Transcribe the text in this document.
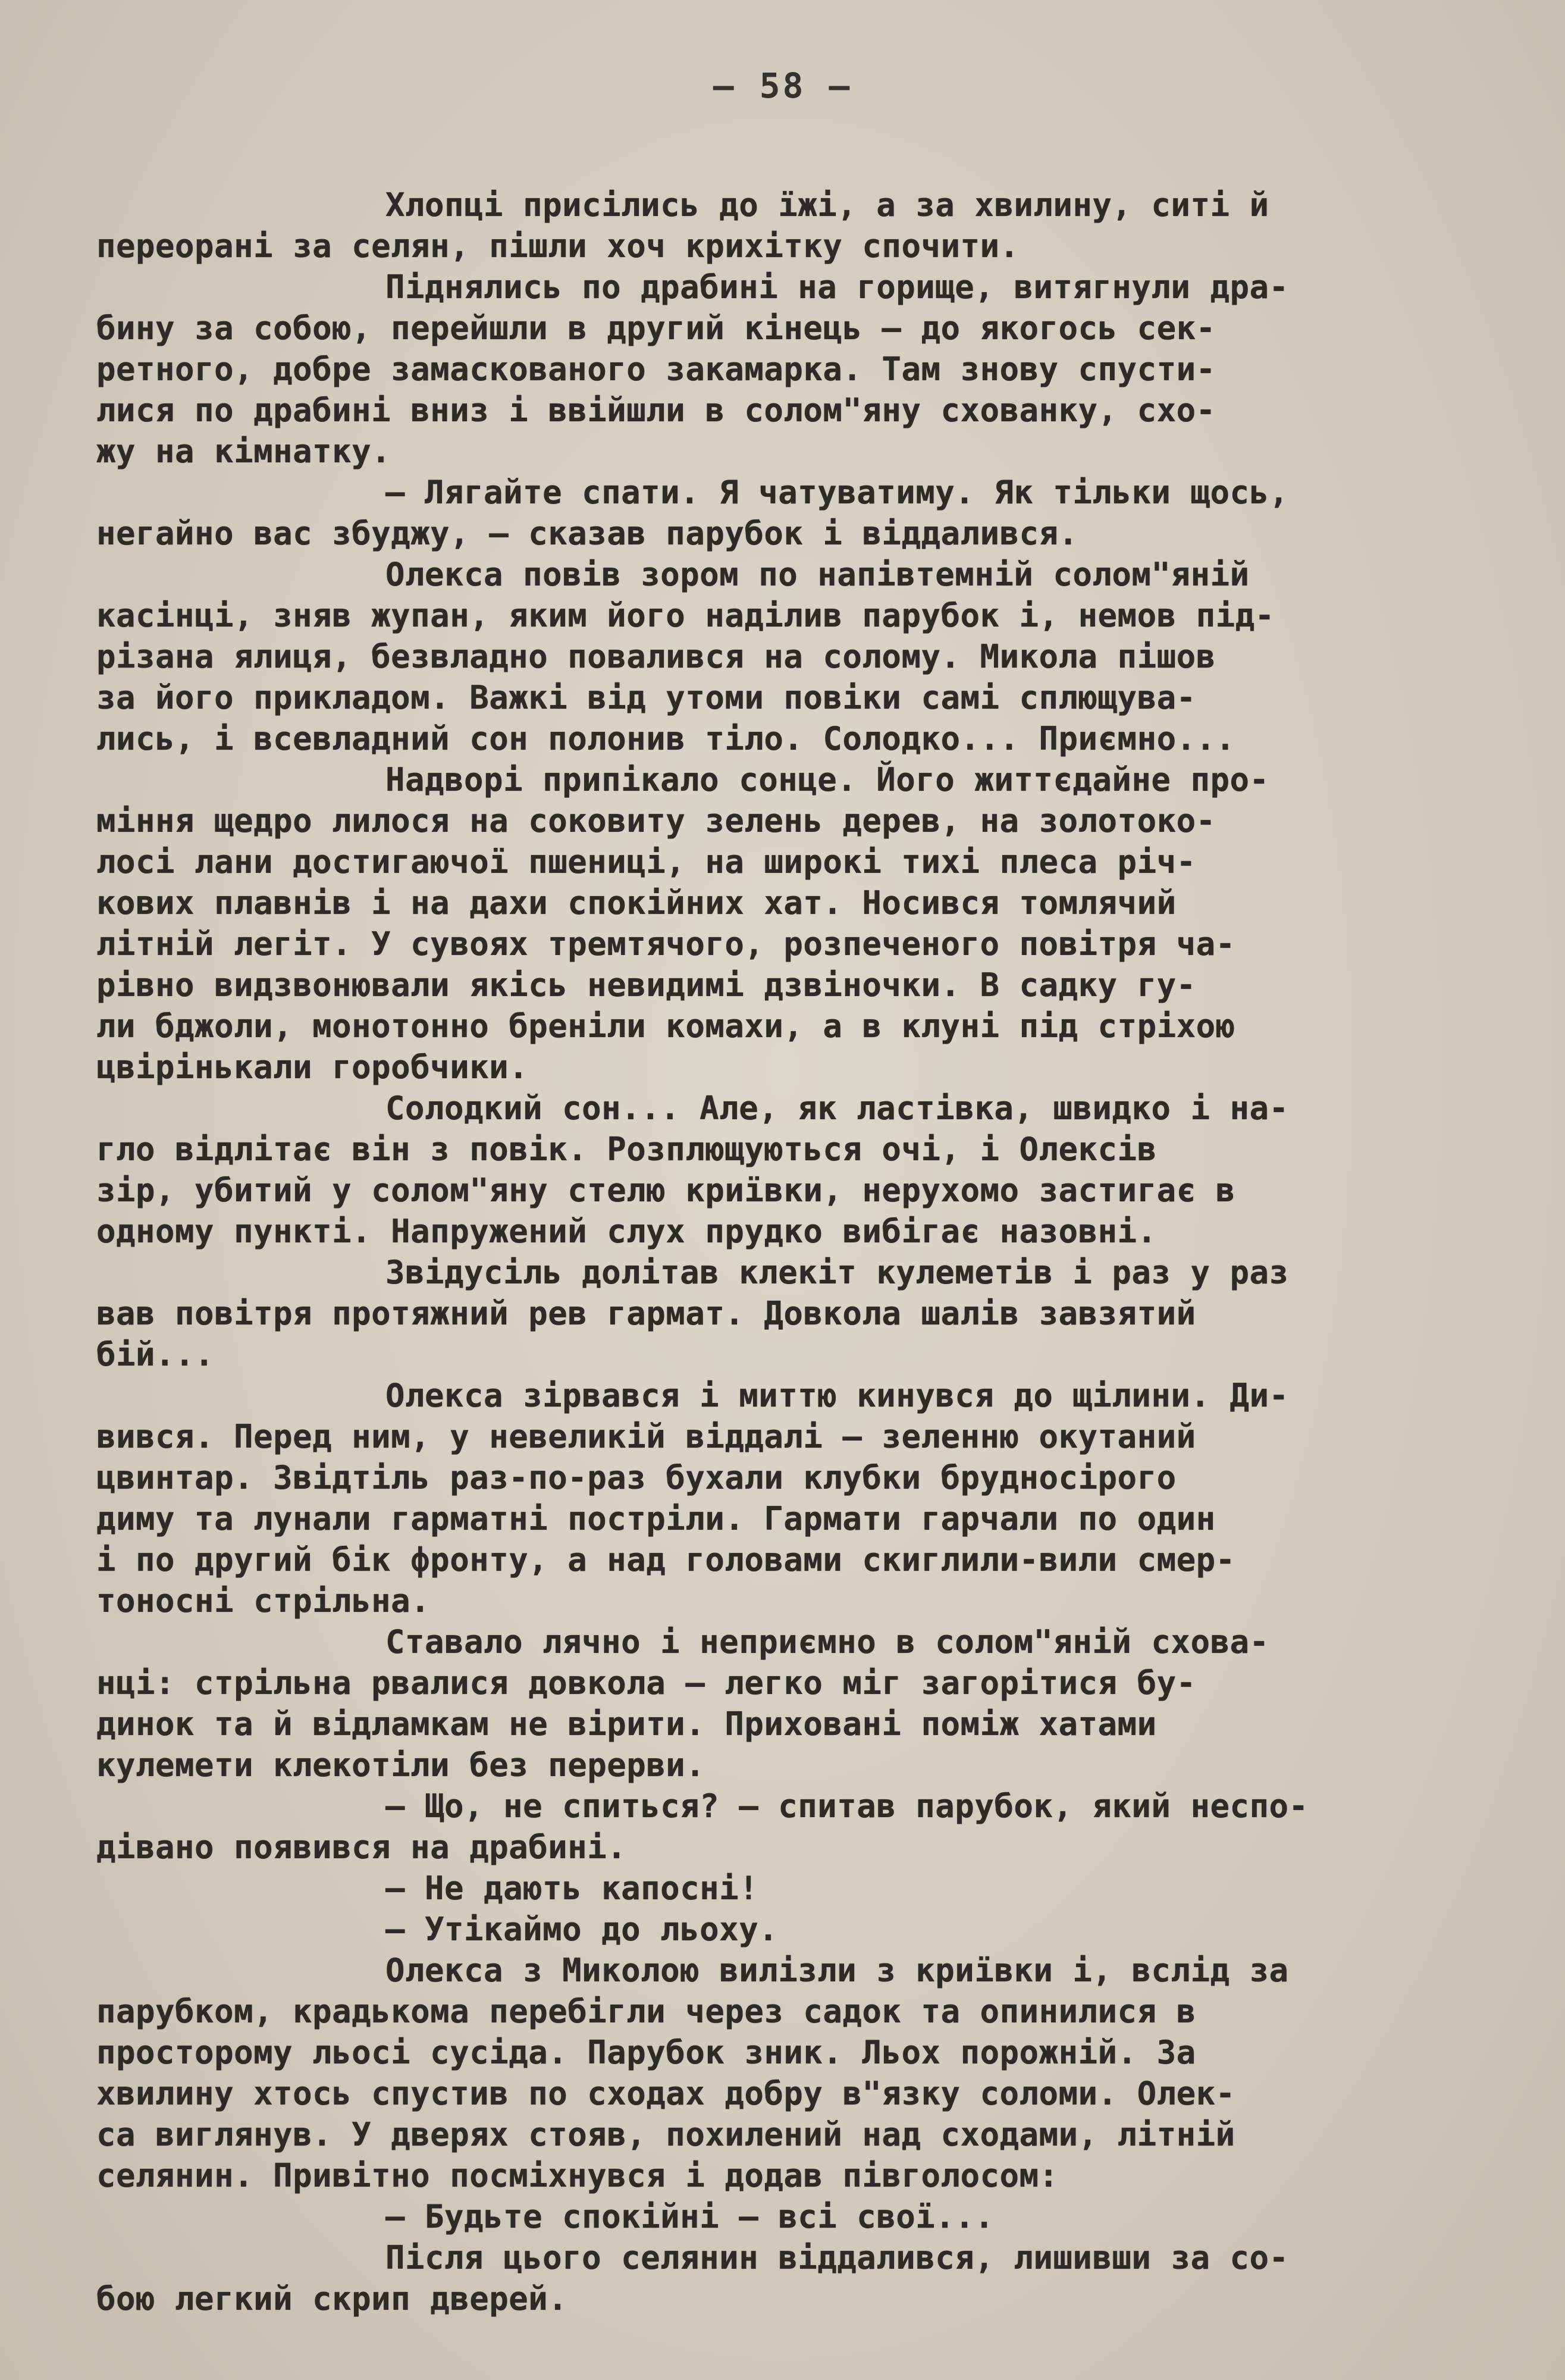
– 58 –
Хлопці присілись до їжі, а за хвилину, ситі й
переорані за селян, пішли хоч крихітку спочити.
Піднялись по драбині на горище, витягнули дра-
бину за собою, перейшли в другий кінець – до якогось сек-
ретного, добре замаскованого закамарка. Там знову спусти-
лися по драбині вниз і ввійшли в солом"яну схованку, схо-
жу на кімнатку.
– Лягайте спати. Я чатуватиму. Як тільки щось,
негайно вас збуджу, – сказав парубок і віддалився.
Олекса повів зором по напівтемній солом"яній
касінці, зняв жупан, яким його наділив парубок і, немов під-
різана ялиця, безвладно повалився на солому. Микола пішов
за його прикладом. Важкі від утоми повіки самі сплющува-
лись, і всевладний сон полонив тіло. Солодко... Приємно...
Надворі припікало сонце. Його життєдайне про-
міння щедро лилося на соковиту зелень дерев, на золотоко-
лосі лани достигаючої пшениці, на широкі тихі плеса річ-
кових плавнів і на дахи спокійних хат. Носився томлячий
літній легіт. У сувоях тремтячого, розпеченого повітря ча-
рівно видзвонювали якісь невидимі дзвіночки. В садку гу-
ли бджоли, монотонно бреніли комахи, а в клуні під стріхою
цвірінькали горобчики.
Солодкий сон... Але, як ластівка, швидко і на-
гло відлітає він з повік. Розплющуються очі, і Олексів
зір, убитий у солом"яну стелю криївки, нерухомо застигає в
одному пункті. Напружений слух прудко вибігає назовні.
Звідусіль долітав клекіт кулеметів і раз у раз
вав повітря протяжний рев гармат. Довкола шалів завзятий
бій...
Олекса зірвався і миттю кинувся до щілини. Ди-
вився. Перед ним, у невеликій віддалі – зеленню окутаний
цвинтар. Звідтіль раз-по-раз бухали клубки брудносірого
диму та лунали гарматні постріли. Гармати гарчали по один
і по другий бік фронту, а над головами скиглили-вили смер-
тоносні стрільна.
Ставало лячно і неприємно в солом"яній схова-
нці: стрільна рвалися довкола – легко міг загорітися бу-
динок та й відламкам не вірити. Приховані поміж хатами
кулемети клекотіли без перерви.
– Що, не спиться? – спитав парубок, який неспо-
дівано появився на драбині.
– Не дають капосні!
– Утікаймо до льоху.
Олекса з Миколою вилізли з криївки і, вслід за
парубком, крадькома перебігли через садок та опинилися в
просторому льосі сусіда. Парубок зник. Льох порожній. За
хвилину хтось спустив по сходах добру в"язку соломи. Олек-
са виглянув. У дверях стояв, похилений над сходами, літній
селянин. Привітно посміхнувся і додав півголосом:
– Будьте спокійні – всі свої...
Після цього селянин віддалився, лишивши за со-
бою легкий скрип дверей.
